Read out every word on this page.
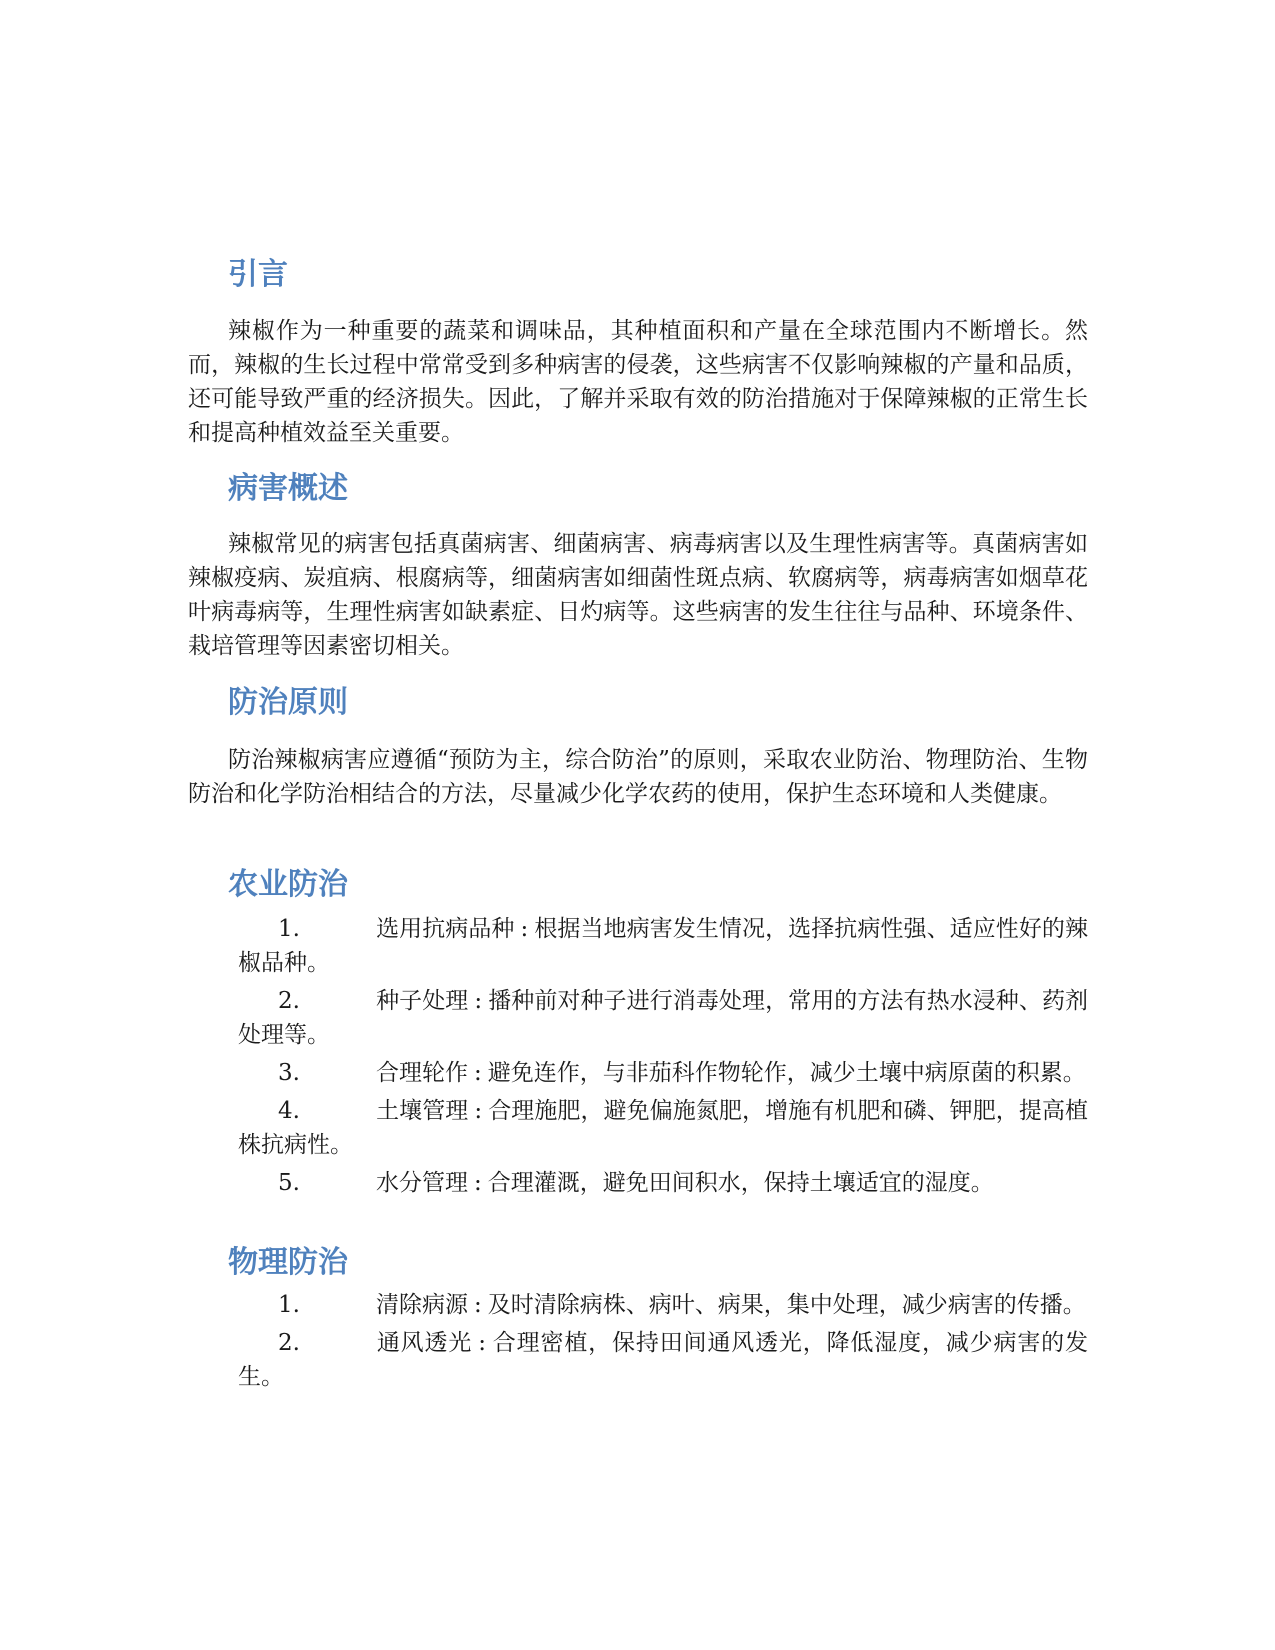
引言

辣椒作为一种重要的蔬菜和调味品，其种植面积和产量在全球范围内不断增长。然而，辣椒的生长过程中常常受到多种病害的侵袭，这些病害不仅影响辣椒的产量和品质，还可能导致严重的经济损失。因此，了解并采取有效的防治措施对于保障辣椒的正常生长和提高种植效益至关重要。

病害概述

辣椒常见的病害包括真菌病害、细菌病害、病毒病害以及生理性病害等。真菌病害如辣椒疫病、炭疽病、根腐病等，细菌病害如细菌性斑点病、软腐病等，病毒病害如烟草花叶病毒病等，生理性病害如缺素症、日灼病等。这些病害的发生往往与品种、环境条件、栽培管理等因素密切相关。

防治原则

防治辣椒病害应遵循“预防为主，综合防治”的原则，采取农业防治、物理防治、生物防治和化学防治相结合的方法，尽量减少化学农药的使用，保护生态环境和人类健康。

农业防治
1.	选用抗病品种 : 根据当地病害发生情况，选择抗病性强、适应性好的辣椒品种。
2.	种子处理 : 播种前对种子进行消毒处理，常用的方法有热水浸种、药剂处理等。
3.	合理轮作 : 避免连作，与非茄科作物轮作，减少土壤中病原菌的积累。
4.	土壤管理 : 合理施肥，避免偏施氮肥，增施有机肥和磷、钾肥，提高植株抗病性。
5.	水分管理 : 合理灌溉，避免田间积水，保持土壤适宜的湿度。
物理防治
1.	清除病源 : 及时清除病株、病叶、病果，集中处理，减少病害的传播。
2.	通风透光 : 合理密植，保持田间通风透光，降低湿度，减少病害的发生。
